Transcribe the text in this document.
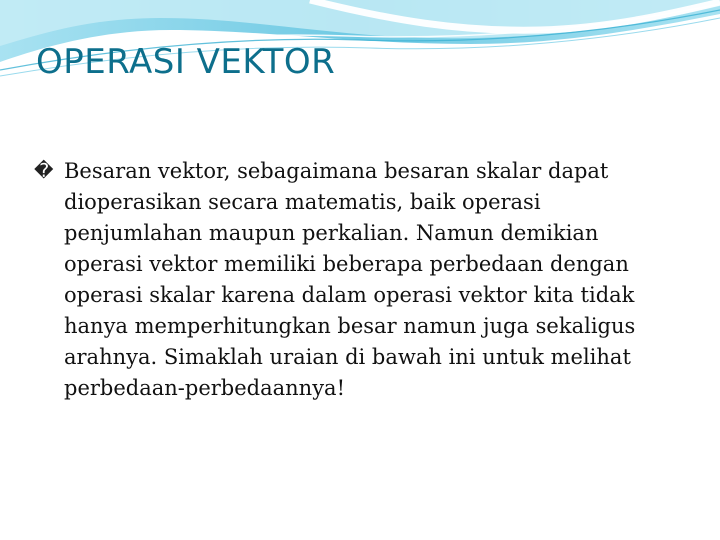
OPERASI VEKTOR

� Besaran vektor, sebagaimana besaran skalar dapat dioperasikan secara matematis, baik operasi penjumlahan maupun perkalian. Namun demikian operasi vektor memiliki beberapa perbedaan dengan operasi skalar karena dalam operasi vektor kita tidak hanya memperhitungkan besar namun juga sekaligus arahnya. Simaklah uraian di bawah ini untuk melihat perbedaan-perbedaannya!
